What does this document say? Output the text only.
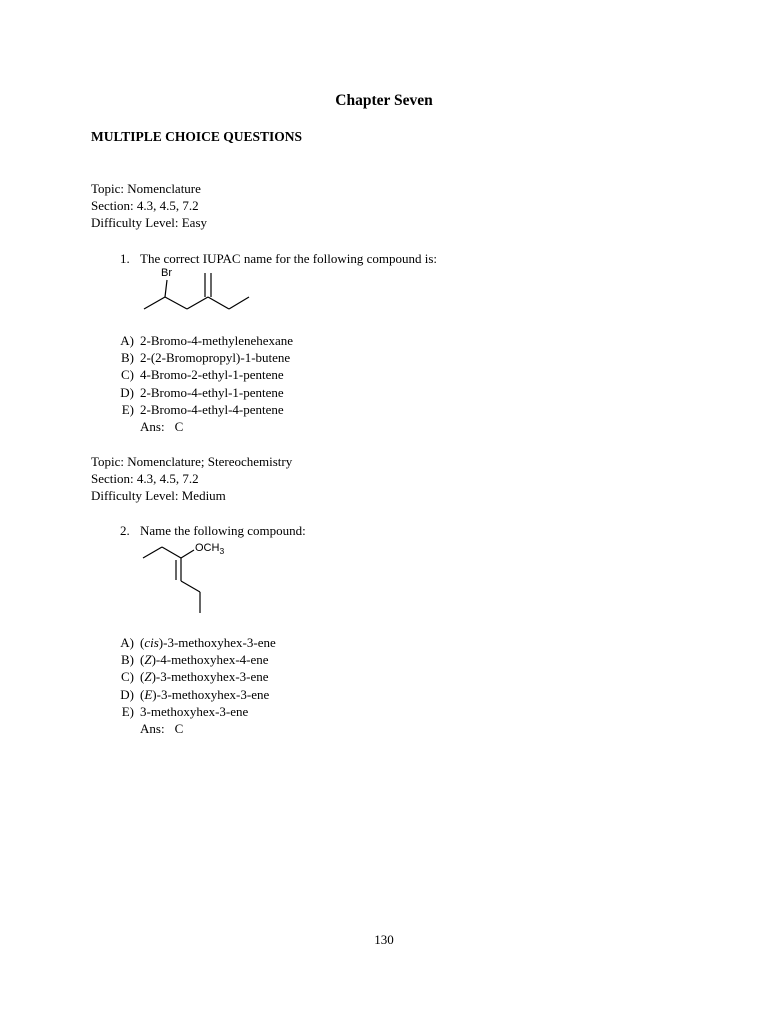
Chapter Seven
MULTIPLE CHOICE QUESTIONS
Topic: Nomenclature
Section: 4.3, 4.5, 7.2
Difficulty Level: Easy
1. The correct IUPAC name for the following compound is:
Br
A) 2-Bromo-4-methylenehexane
B) 2-(2-Bromopropyl)-1-butene
C) 4-Bromo-2-ethyl-1-pentene
D) 2-Bromo-4-ethyl-1-pentene
E) 2-Bromo-4-ethyl-4-pentene
Ans: C
Topic: Nomenclature; Stereochemistry
Section: 4.3, 4.5, 7.2
Difficulty Level: Medium
2. Name the following compound:
$OCH_3$
A) (cis)-3-methoxyhex-3-ene
B) (Z)-4-methoxyhex-4-ene
C) (Z)-3-methoxyhex-3-ene
D) (E)-3-methoxyhex-3-ene
E) 3-methoxyhex-3-ene
Ans: C
130
